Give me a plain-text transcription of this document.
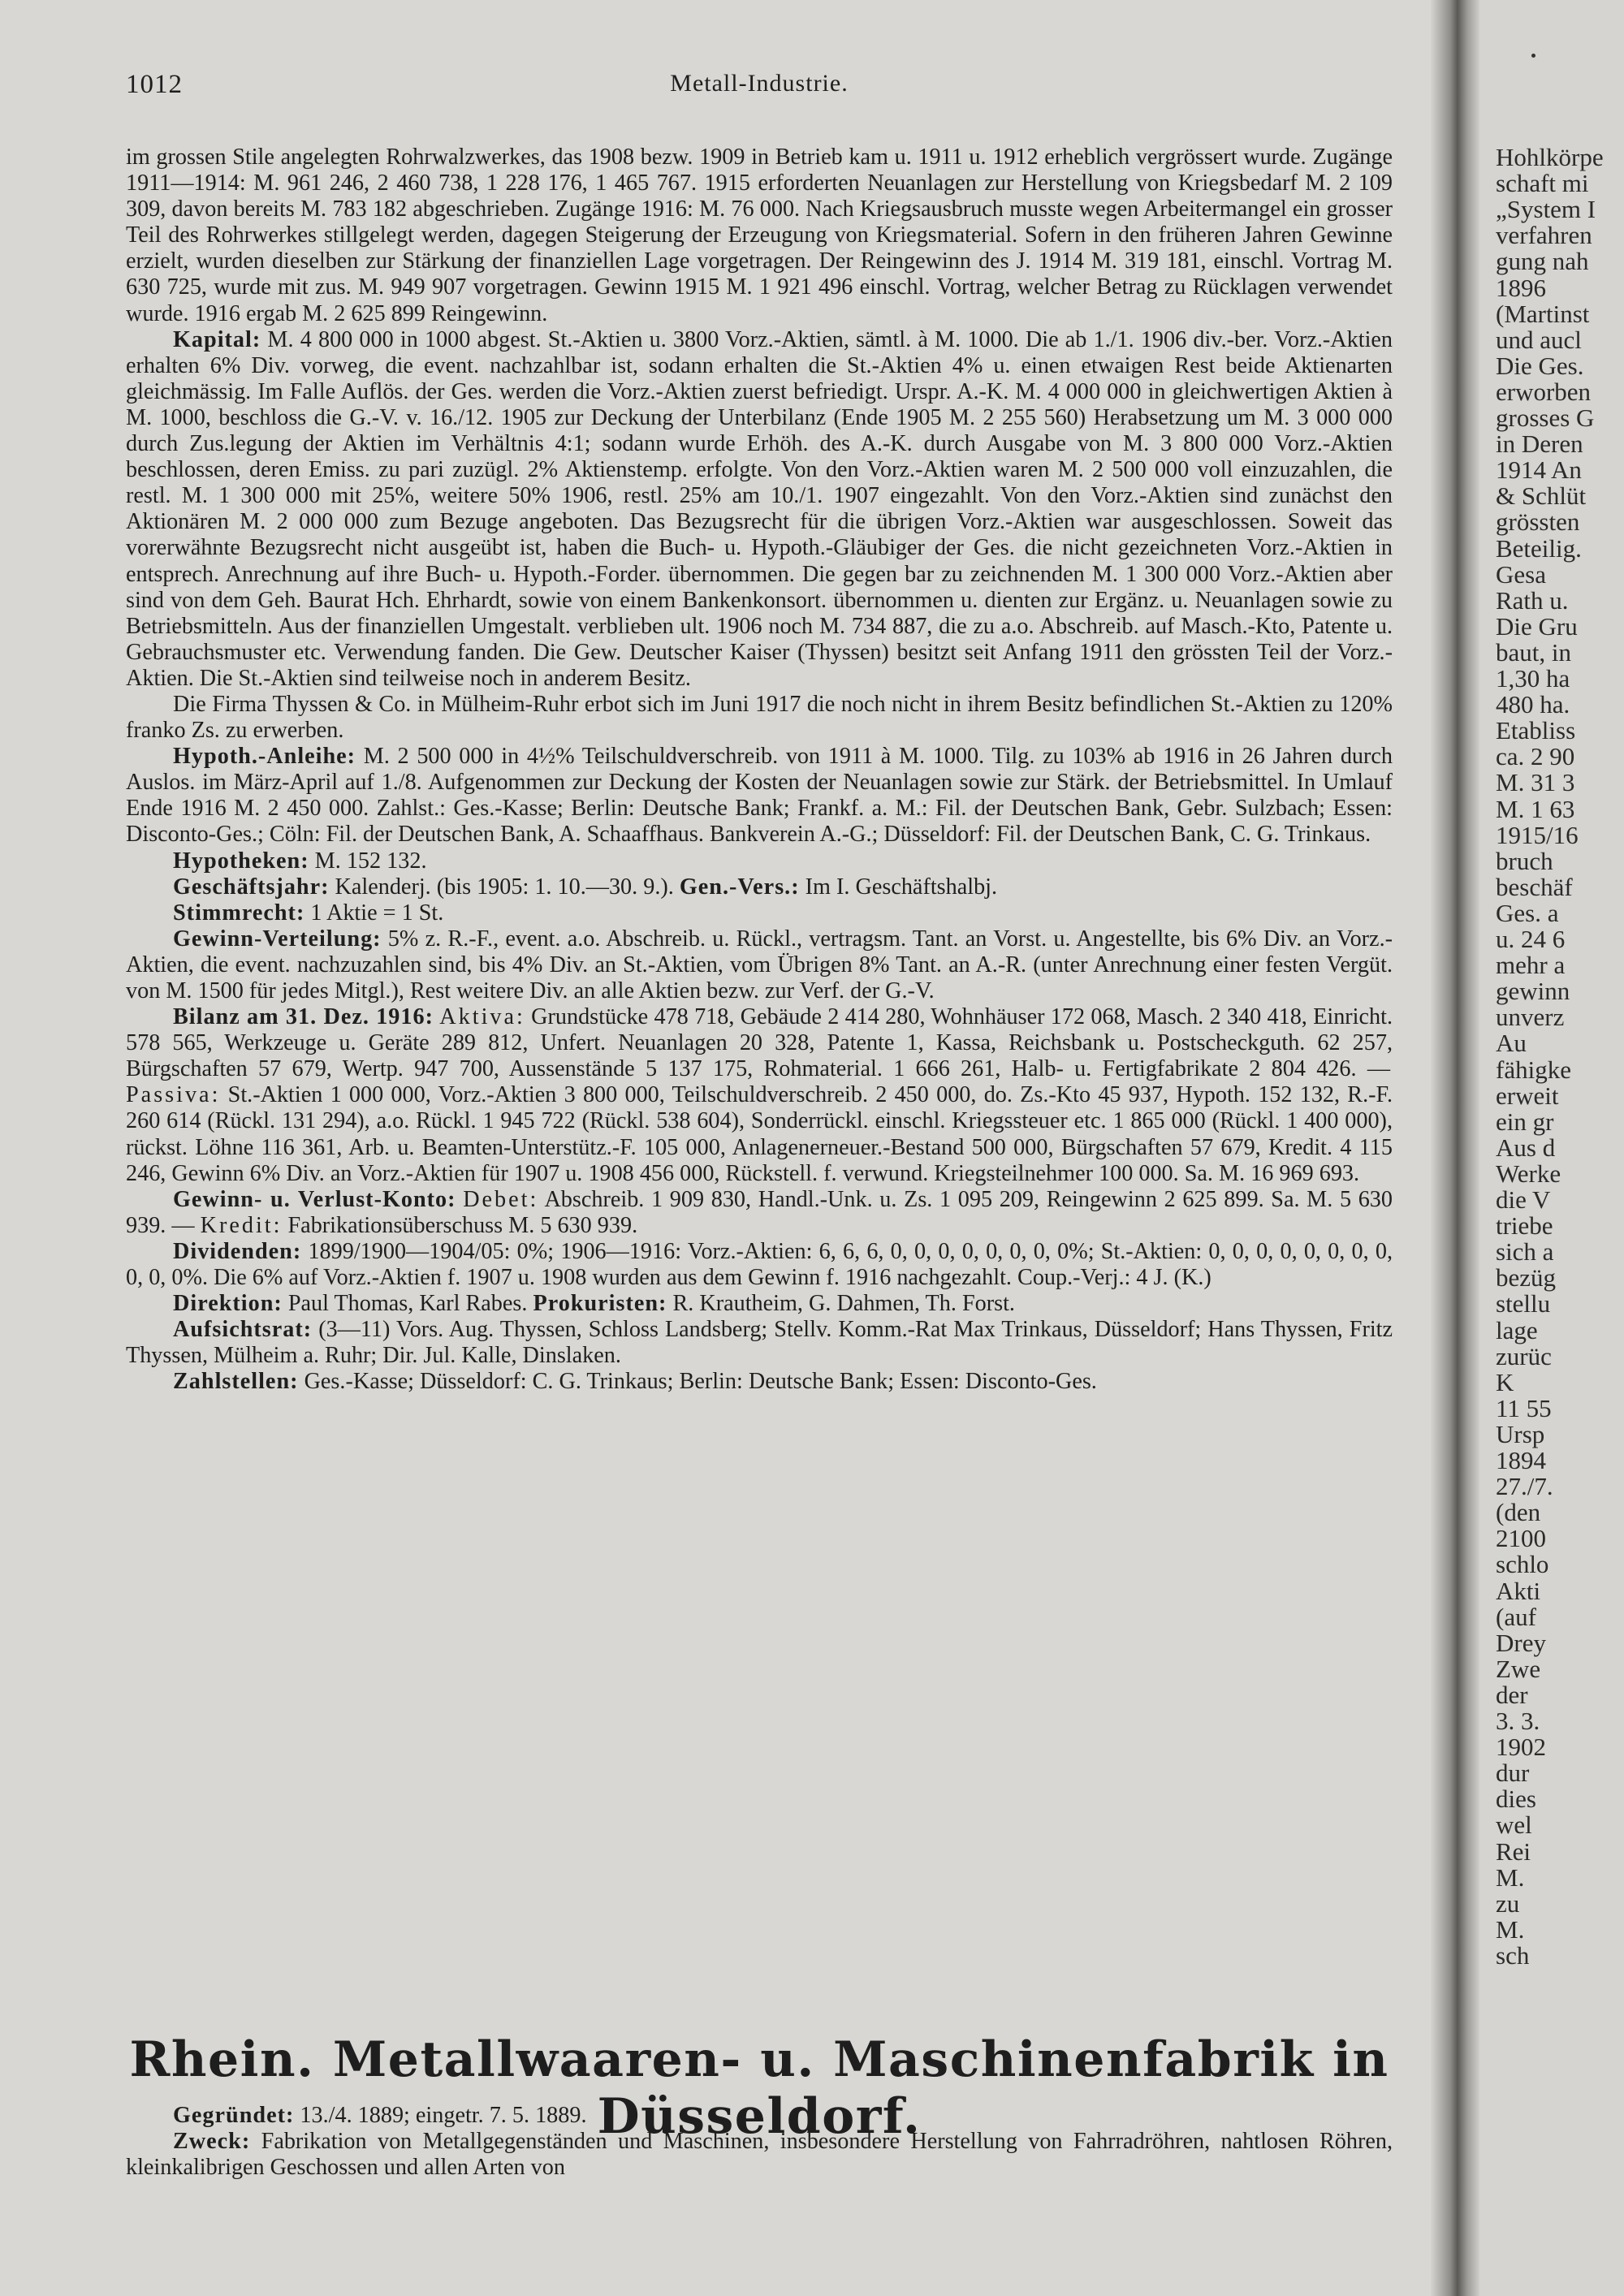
1012	Metall-Industrie.

im grossen Stile angelegten Rohrwalzwerkes, das 1908 bezw. 1909 in Betrieb kam u. 1911 u. 1912 erheblich vergrössert wurde. Zugänge 1911—1914: M. 961 246, 2 460 738, 1 228 176, 1 465 767. 1915 erforderten Neuanlagen zur Herstellung von Kriegsbedarf M. 2 109 309, davon bereits M. 783 182 abgeschrieben. Zugänge 1916: M. 76 000. Nach Kriegsausbruch musste wegen Arbeitermangel ein grosser Teil des Rohrwerkes stillgelegt werden, dagegen Steigerung der Erzeugung von Kriegsmaterial. Sofern in den früheren Jahren Gewinne erzielt, wurden dieselben zur Stärkung der finanziellen Lage vorgetragen. Der Reingewinn des J. 1914 M. 319 181, einschl. Vortrag M. 630 725, wurde mit zus. M. 949 907 vorgetragen. Gewinn 1915 M. 1 921 496 einschl. Vortrag, welcher Betrag zu Rücklagen verwendet wurde. 1916 ergab M. 2 625 899 Reingewinn.

Kapital: M. 4 800 000 in 1000 abgest. St.-Aktien u. 3800 Vorz.-Aktien, sämtl. à M. 1000. Die ab 1./1. 1906 div.-ber. Vorz.-Aktien erhalten 6% Div. vorweg, die event. nachzahlbar ist, sodann erhalten die St.-Aktien 4% u. einen etwaigen Rest beide Aktienarten gleichmässig. Im Falle Auflös. der Ges. werden die Vorz.-Aktien zuerst befriedigt. Urspr. A.-K. M. 4 000 000 in gleichwertigen Aktien à M. 1000, beschloss die G.-V. v. 16./12. 1905 zur Deckung der Unterbilanz (Ende 1905 M. 2 255 560) Herabsetzung um M. 3 000 000 durch Zus.legung der Aktien im Verhältnis 4:1; sodann wurde Erhöh. des A.-K. durch Ausgabe von M. 3 800 000 Vorz.-Aktien beschlossen, deren Emiss. zu pari zuzügl. 2% Aktienstemp. erfolgte. Von den Vorz.-Aktien waren M. 2 500 000 voll einzuzahlen, die restl. M. 1 300 000 mit 25%, weitere 50% 1906, restl. 25% am 10./1. 1907 eingezahlt. Von den Vorz.-Aktien sind zunächst den Aktionären M. 2 000 000 zum Bezuge angeboten. Das Bezugsrecht für die übrigen Vorz.-Aktien war ausgeschlossen. Soweit das vorerwähnte Bezugsrecht nicht ausgeübt ist, haben die Buch- u. Hypoth.-Gläubiger der Ges. die nicht gezeichneten Vorz.-Aktien in entsprech. Anrechnung auf ihre Buch- u. Hypoth.-Forder. übernommen. Die gegen bar zu zeichnenden M. 1 300 000 Vorz.-Aktien aber sind von dem Geh. Baurat Hch. Ehrhardt, sowie von einem Bankenkonsort. übernommen u. dienten zur Ergänz. u. Neuanlagen sowie zu Betriebsmitteln. Aus der finanziellen Umgestalt. verblieben ult. 1906 noch M. 734 887, die zu a.o. Abschreib. auf Masch.-Kto, Patente u. Gebrauchsmuster etc. Verwendung fanden. Die Gew. Deutscher Kaiser (Thyssen) besitzt seit Anfang 1911 den grössten Teil der Vorz.-Aktien. Die St.-Aktien sind teilweise noch in anderem Besitz.

Die Firma Thyssen & Co. in Mülheim-Ruhr erbot sich im Juni 1917 die noch nicht in ihrem Besitz befindlichen St.-Aktien zu 120% franko Zs. zu erwerben.

Hypoth.-Anleihe: M. 2 500 000 in 4½% Teilschuldverschreib. von 1911 à M. 1000. Tilg. zu 103% ab 1916 in 26 Jahren durch Auslos. im März-April auf 1./8. Aufgenommen zur Deckung der Kosten der Neuanlagen sowie zur Stärk. der Betriebsmittel. In Umlauf Ende 1916 M. 2 450 000. Zahlst.: Ges.-Kasse; Berlin: Deutsche Bank; Frankf. a. M.: Fil. der Deutschen Bank, Gebr. Sulzbach; Essen: Disconto-Ges.; Cöln: Fil. der Deutschen Bank, A. Schaaffhaus. Bankverein A.-G.; Düsseldorf: Fil. der Deutschen Bank, C. G. Trinkaus.

Hypotheken: M. 152 132.

Geschäftsjahr: Kalenderj. (bis 1905: 1. 10.—30. 9.). Gen.-Vers.: Im I. Geschäftshalbj.

Stimmrecht: 1 Aktie = 1 St.

Gewinn-Verteilung: 5% z. R.-F., event. a.o. Abschreib. u. Rückl., vertragsm. Tant. an Vorst. u. Angestellte, bis 6% Div. an Vorz.-Aktien, die event. nachzuzahlen sind, bis 4% Div. an St.-Aktien, vom Übrigen 8% Tant. an A.-R. (unter Anrechnung einer festen Vergüt. von M. 1500 für jedes Mitgl.), Rest weitere Div. an alle Aktien bezw. zur Verf. der G.-V.

Bilanz am 31. Dez. 1916: Aktiva: Grundstücke 478 718, Gebäude 2 414 280, Wohnhäuser 172 068, Masch. 2 340 418, Einricht. 578 565, Werkzeuge u. Geräte 289 812, Unfert. Neuanlagen 20 328, Patente 1, Kassa, Reichsbank u. Postscheckguth. 62 257, Bürgschaften 57 679, Wertp. 947 700, Aussenstände 5 137 175, Rohmaterial. 1 666 261, Halb- u. Fertigfabrikate 2 804 426. — Passiva: St.-Aktien 1 000 000, Vorz.-Aktien 3 800 000, Teilschuldverschreib. 2 450 000, do. Zs.-Kto 45 937, Hypoth. 152 132, R.-F. 260 614 (Rückl. 131 294), a.o. Rückl. 1 945 722 (Rückl. 538 604), Sonderrückl. einschl. Kriegssteuer etc. 1 865 000 (Rückl. 1 400 000), rückst. Löhne 116 361, Arb. u. Beamten-Unterstütz.-F. 105 000, Anlagenerneuer.-Bestand 500 000, Bürgschaften 57 679, Kredit. 4 115 246, Gewinn 6% Div. an Vorz.-Aktien für 1907 u. 1908 456 000, Rückstell. f. verwund. Kriegsteilnehmer 100 000. Sa. M. 16 969 693.

Gewinn- u. Verlust-Konto: Debet: Abschreib. 1 909 830, Handl.-Unk. u. Zs. 1 095 209, Reingewinn 2 625 899. Sa. M. 5 630 939. — Kredit: Fabrikationsüberschuss M. 5 630 939.

Dividenden: 1899/1900—1904/05: 0%; 1906—1916: Vorz.-Aktien: 6, 6, 6, 0, 0, 0, 0, 0, 0, 0, 0%; St.-Aktien: 0, 0, 0, 0, 0, 0, 0, 0, 0, 0, 0%. Die 6% auf Vorz.-Aktien f. 1907 u. 1908 wurden aus dem Gewinn f. 1916 nachgezahlt. Coup.-Verj.: 4 J. (K.)

Direktion: Paul Thomas, Karl Rabes. Prokuristen: R. Krautheim, G. Dahmen, Th. Forst.

Aufsichtsrat: (3—11) Vors. Aug. Thyssen, Schloss Landsberg; Stellv. Komm.-Rat Max Trinkaus, Düsseldorf; Hans Thyssen, Fritz Thyssen, Mülheim a. Ruhr; Dir. Jul. Kalle, Dinslaken.

Zahlstellen: Ges.-Kasse; Düsseldorf: C. G. Trinkaus; Berlin: Deutsche Bank; Essen: Disconto-Ges.

Rhein. Metallwaaren- u. Maschinenfabrik in Düsseldorf.

Gegründet: 13./4. 1889; eingetr. 7. 5. 1889.

Zweck: Fabrikation von Metallgegenständen und Maschinen, insbesondere Herstellung von Fahrradröhren, nahtlosen Röhren, kleinkalibrigen Geschossen und allen Arten von

Hohlkörpe
schaft mi
„System I
verfahren
gung nah
1896
(Martinst
und aucl
Die Ges.
erworben
grosses G
in Deren
1914 An
& Schlüt
grössten
Beteilig.
Gesa
Rath u.
Die Gru
baut, in
1,30 ha
480 ha.
Etabliss
ca. 2 90
M. 31 3
M. 1 63
1915/16
bruch
beschäf
Ges. a
u. 24 6
mehr a
gewinn
unverz
Au
fähigke
erweit
ein gr
Aus d
Werke
die V
triebe
sich a
bezüg
stellu
lage
zurüc
K
11 55
Ursp
1894
27./7.
(den
2100
schlo
Akti
(auf
Drey
Zwe
der
3. 3.
1902
dur
dies
wel
Rei
M.
zu
M.
sch
